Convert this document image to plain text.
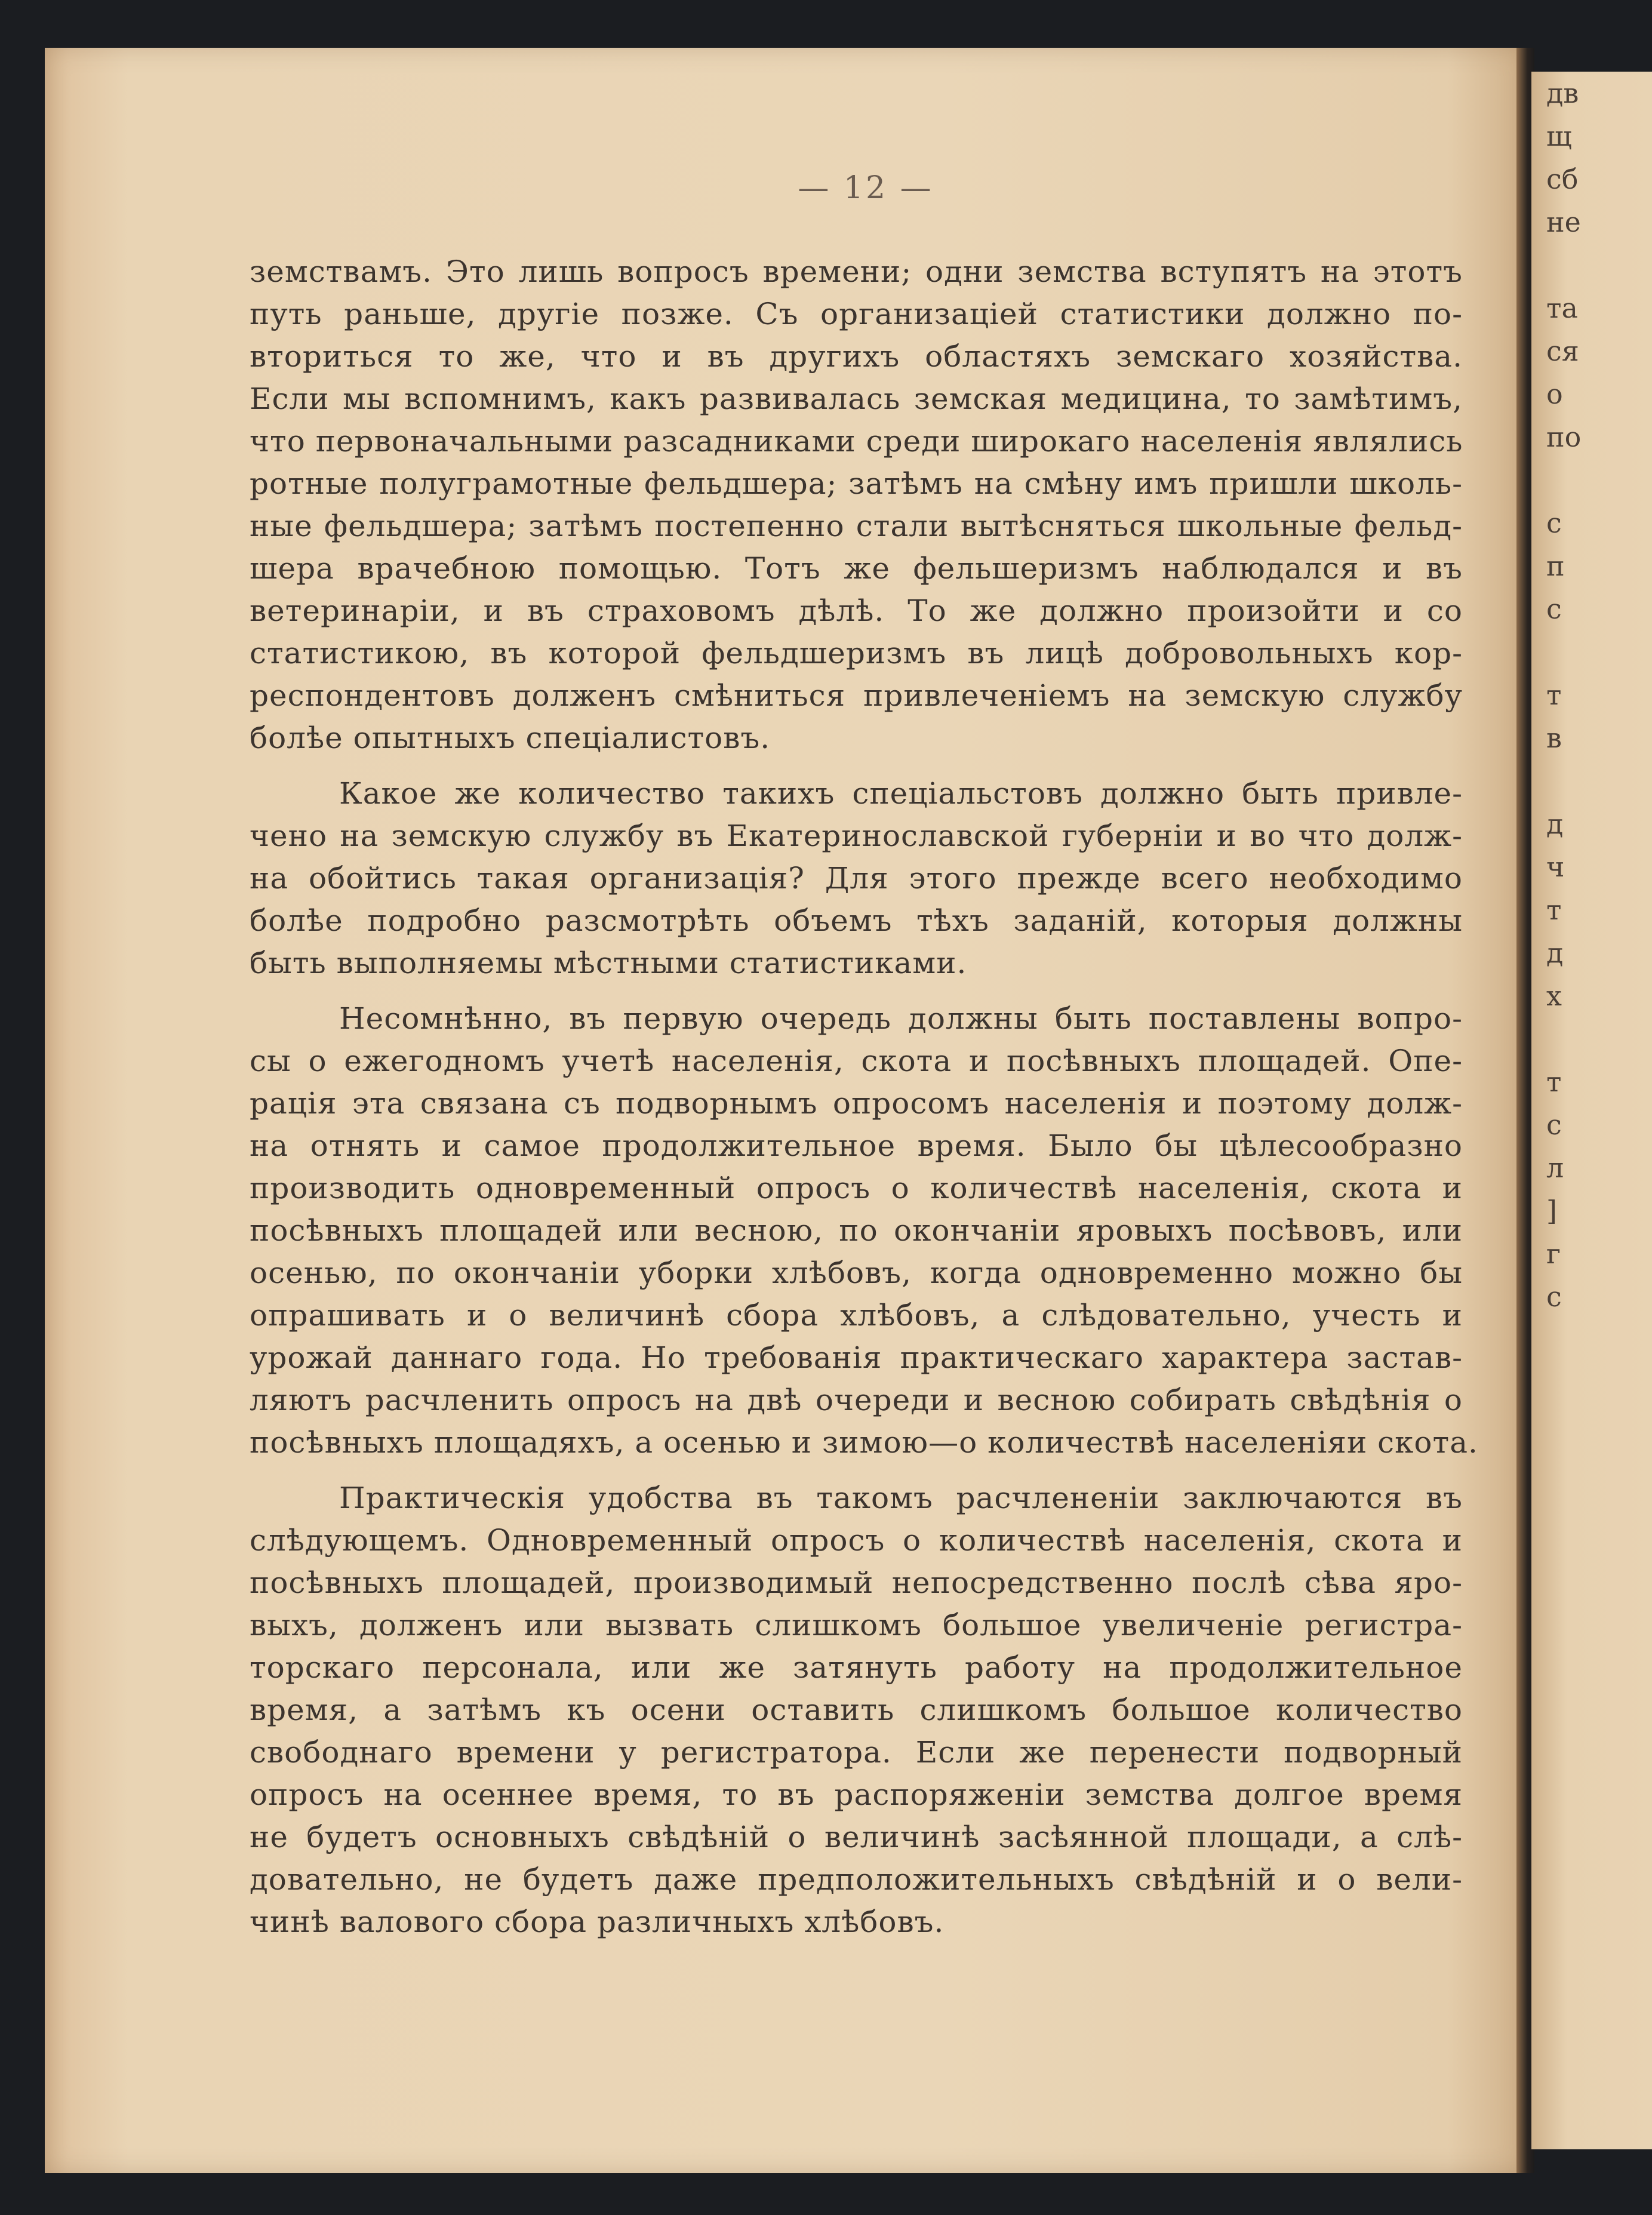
дв
щ
сб
не
та
ся
о
по
с
п
с
т
в
д
ч
т
д
х
т
с
л
]
г
с
— 12 —
земствамъ. Это лишь вопросъ времени; одни земства вступятъ на этотъ
путь раньше, другіе позже. Съ организаціей статистики должно по-
вториться то же, что и въ другихъ областяхъ земскаго хозяйства.
Если мы вспомнимъ, какъ развивалась земская медицина, то замѣтимъ,
что первоначальными разсадниками среди широкаго населенія являлись
ротные полуграмотные фельдшера; затѣмъ на смѣну имъ пришли школь-
ные фельдшера; затѣмъ постепенно стали вытѣсняться школьные фельд-
шера врачебною помощью. Тотъ же фельшеризмъ наблюдался и въ
ветеринаріи, и въ страховомъ дѣлѣ. То же должно произойти и со
статистикою, въ которой фельдшеризмъ въ лицѣ добровольныхъ кор-
респондентовъ долженъ смѣниться привлеченіемъ на земскую службу
болѣе опытныхъ спеціалистовъ.
Какое же количество такихъ спеціальстовъ должно быть привле-
чено на земскую службу въ Екатеринославской губерніи и во что долж-
на обойтись такая организація? Для этого прежде всего необходимо
болѣе подробно разсмотрѣть объемъ тѣхъ заданій, которыя должны
быть выполняемы мѣстными статистиками.
Несомнѣнно, въ первую очередь должны быть поставлены вопро-
сы о ежегодномъ учетѣ населенія, скота и посѣвныхъ площадей. Опе-
рація эта связана съ подворнымъ опросомъ населенія и поэтому долж-
на отнять и самое продолжительное время. Было бы цѣлесообразно
производить одновременный опросъ о количествѣ населенія, скота и
посѣвныхъ площадей или весною, по окончаніи яровыхъ посѣвовъ, или
осенью, по окончаніи уборки хлѣбовъ, когда одновременно можно бы
опрашивать и о величинѣ сбора хлѣбовъ, а слѣдовательно, учесть и
урожай даннаго года. Но требованія практическаго характера застав-
ляютъ расчленить опросъ на двѣ очереди и весною собирать свѣдѣнія о
посѣвныхъ площадяхъ, а осенью и зимою—о количествѣ населеніяи скота.
Практическія удобства въ такомъ расчлененіи заключаются въ
слѣдующемъ. Одновременный опросъ о количествѣ населенія, скота и
посѣвныхъ площадей, производимый непосредственно послѣ сѣва яро-
выхъ, долженъ или вызвать слишкомъ большое увеличеніе регистра-
торскаго персонала, или же затянуть работу на продолжительное
время, а затѣмъ къ осени оставить слишкомъ большое количество
свободнаго времени у регистратора. Если же перенести подворный
опросъ на осеннее время, то въ распоряженіи земства долгое время
не будетъ основныхъ свѣдѣній о величинѣ засѣянной площади, а слѣ-
довательно, не будетъ даже предположительныхъ свѣдѣній и о вели-
чинѣ валового сбора различныхъ хлѣбовъ.
